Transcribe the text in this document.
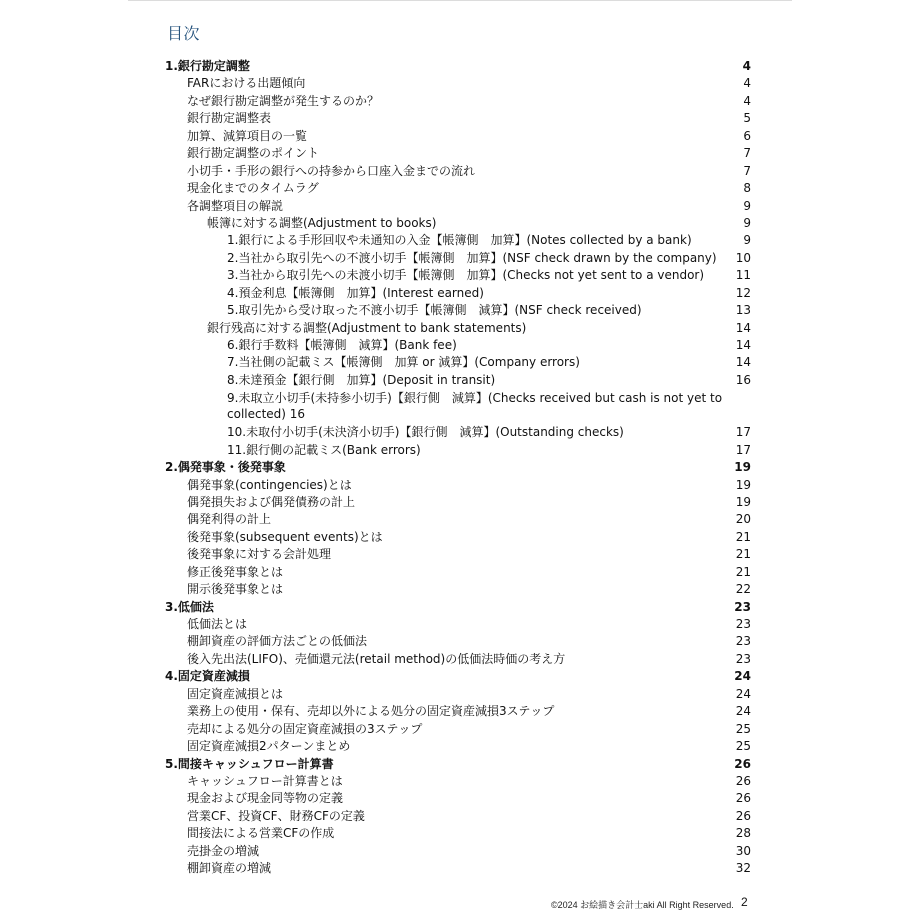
目次
1.銀行勘定調整	4
FARにおける出題傾向	4
なぜ銀行勘定調整が発生するのか？	4
銀行勘定調整表	5
加算、減算項目の一覧	6
銀行勘定調整のポイント	7
小切手・手形の銀行への持参から口座入金までの流れ	7
現金化までのタイムラグ	8
各調整項目の解説	9
帳簿に対する調整(Adjustment to books)	9
1.銀行による手形回収や未通知の入金【帳簿側　加算】(Notes collected by a bank)	9
2.当社から取引先への不渡小切手【帳簿側　加算】(NSF check drawn by the company) 10
3.当社から取引先への未渡小切手【帳簿側　加算】(Checks not yet sent to a vendor)	11
4.預金利息【帳簿側　加算】(Interest earned)	12
5.取引先から受け取った不渡小切手【帳簿側　減算】(NSF check received)	13
銀行残高に対する調整(Adjustment to bank statements)	14
6.銀行手数料【帳簿側　減算】(Bank fee)	14
7.当社側の記載ミス【帳簿側　加算 or 減算】(Company errors)	14
8.未達預金【銀行側　加算】(Deposit in transit)	16
9.未取立小切手(未持参小切手)【銀行側　減算】(Checks received but cash is not yet to collected) 16
10.未取付小切手(未決済小切手)【銀行側　減算】(Outstanding checks)	17
11.銀行側の記載ミス(Bank errors)	17
2.偶発事象・後発事象	19
偶発事象(contingencies)とは	19
偶発損失および偶発債務の計上	19
偶発利得の計上	20
後発事象(subsequent events)とは	21
後発事象に対する会計処理	21
修正後発事象とは	21
開示後発事象とは	22
3.低価法	23
低価法とは	23
棚卸資産の評価方法ごとの低価法	23
後入先出法(LIFO)、売価還元法(retail method)の低価法時価の考え方	23
4.固定資産減損	24
固定資産減損とは	24
業務上の使用・保有、売却以外による処分の固定資産減損3ステップ	24
売却による処分の固定資産減損の3ステップ	25
固定資産減損2パターンまとめ	25
5.間接キャッシュフロー計算書	26
キャッシュフロー計算書とは	26
現金および現金同等物の定義	26
営業CF、投資CF、財務CFの定義	26
間接法による営業CFの作成	28
売掛金の増減	30
棚卸資産の増減	32
©2024 お絵描き会計士aki All Right Reserved. 2
